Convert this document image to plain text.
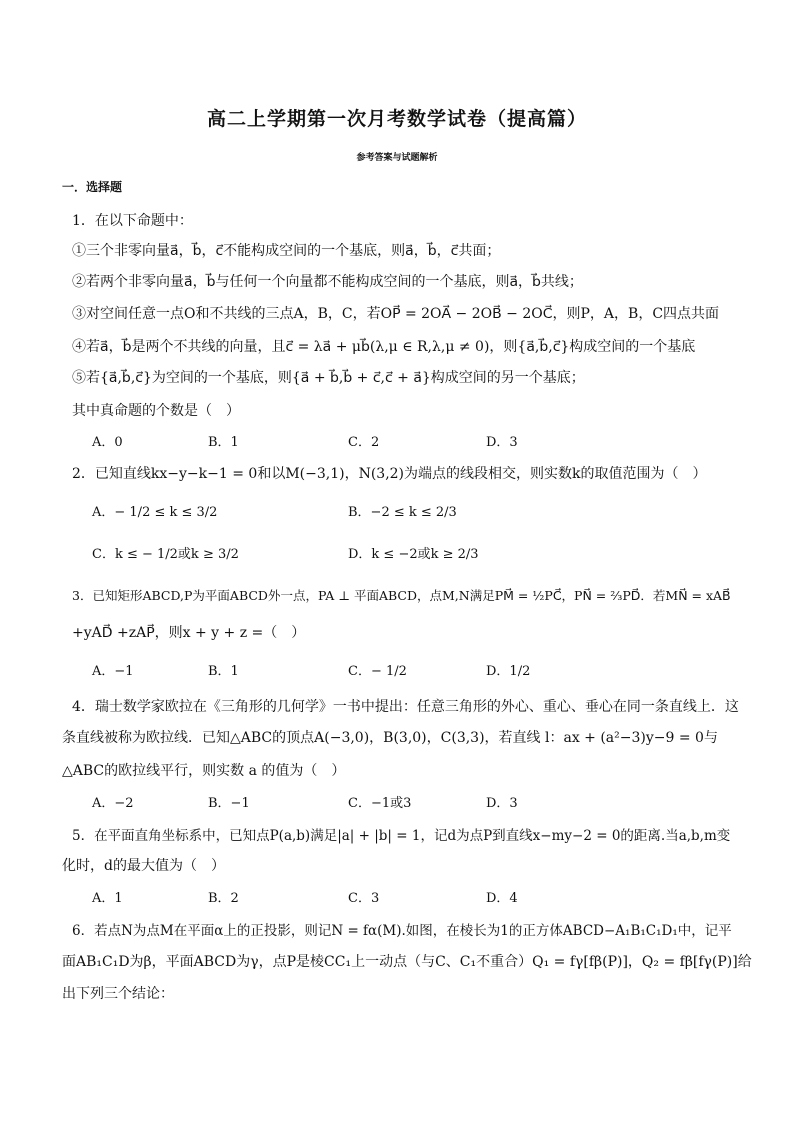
高二上学期第一次月考数学试卷（提高篇）
参考答案与试题解析
一．选择题
1．在以下命题中：
①三个非零向量a⃗，b⃗，c⃗不能构成空间的一个基底，则a⃗，b⃗，c⃗共面；
②若两个非零向量a⃗，b⃗与任何一个向量都不能构成空间的一个基底，则a⃗，b⃗共线；
③对空间任意一点O和不共线的三点A，B，C，若OP⃗ = 2OA⃗ − 2OB⃗ − 2OC⃗，则P，A，B，C四点共面
④若a⃗，b⃗是两个不共线的向量，且c⃗ = λa⃗ + μb⃗(λ,μ ∈ R,λ,μ ≠ 0)，则{a⃗,b⃗,c⃗}构成空间的一个基底
⑤若{a⃗,b⃗,c⃗}为空间的一个基底，则{a⃗ + b⃗,b⃗ + c⃗,c⃗ + a⃗}构成空间的另一个基底；
其中真命题的个数是（　）
A．0	B．1	C．2	D．3
2．已知直线kx−y−k−1 = 0和以M(−3,1)，N(3,2)为端点的线段相交，则实数k的取值范围为（　）
A．− 1/2 ≤ k ≤ 3/2	B．−2 ≤ k ≤ 2/3
C．k ≤ − 1/2或k ≥ 3/2	D．k ≤ −2或k ≥ 2/3
3．已知矩形ABCD,P为平面ABCD外一点，PA ⊥ 平面ABCD，点M,N满足PM⃗ = ½PC⃗，PN⃗ = ⅔PD⃗．若MN⃗ = xAB⃗
+yAD⃗ +zAP⃗，则x + y + z =（　）
A．−1	B．1	C．− 1/2	D．1/2
4．瑞士数学家欧拉在《三角形的几何学》一书中提出：任意三角形的外心、重心、垂心在同一条直线上．这
条直线被称为欧拉线．已知△ABC的顶点A(−3,0)，B(3,0)，C(3,3)，若直线 l：ax + (a²−3)y−9 = 0与
△ABC的欧拉线平行，则实数 a 的值为（　）
A．−2	B．−1	C．−1或3	D．3
5．在平面直角坐标系中，已知点P(a,b)满足|a| + |b| = 1，记d为点P到直线x−my−2 = 0的距离.当a,b,m变
化时，d的最大值为（　）
A．1	B．2	C．3	D．4
6．若点N为点M在平面α上的正投影，则记N = fα(M).如图，在棱长为1的正方体ABCD−A₁B₁C₁D₁中，记平
面AB₁C₁D为β，平面ABCD为γ，点P是棱CC₁上一动点（与C、C₁不重合）Q₁ = fγ[fβ(P)]，Q₂ = fβ[fγ(P)]给
出下列三个结论：
